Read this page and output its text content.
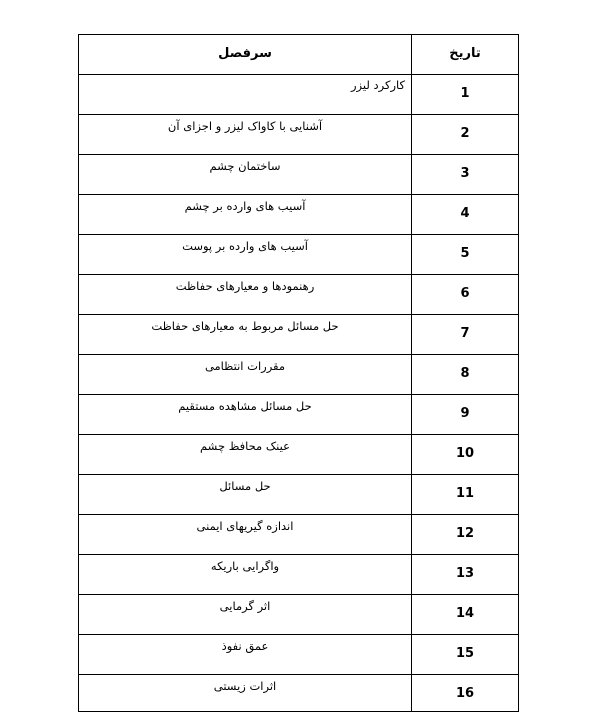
سرفصل	تاریخ
کارکرد لیزر	1
آشنایی با کاواک لیزر و اجزای آن	2
ساختمان چشم	3
آسیب های وارده بر چشم	4
آسیب های وارده بر پوست	5
رهنمودها و معیارهای حفاظت	6
حل مسائل مربوط به معیارهای حفاظت	7
مقررات انتظامی	8
حل مسائل مشاهده مستقیم	9
عینک محافظ چشم	10
حل مسائل	11
اندازه گیریهای ایمنی	12
واگرایی باریکه	13
اثر گرمایی	14
عمق نفوذ	15
اثرات زیستی	16
